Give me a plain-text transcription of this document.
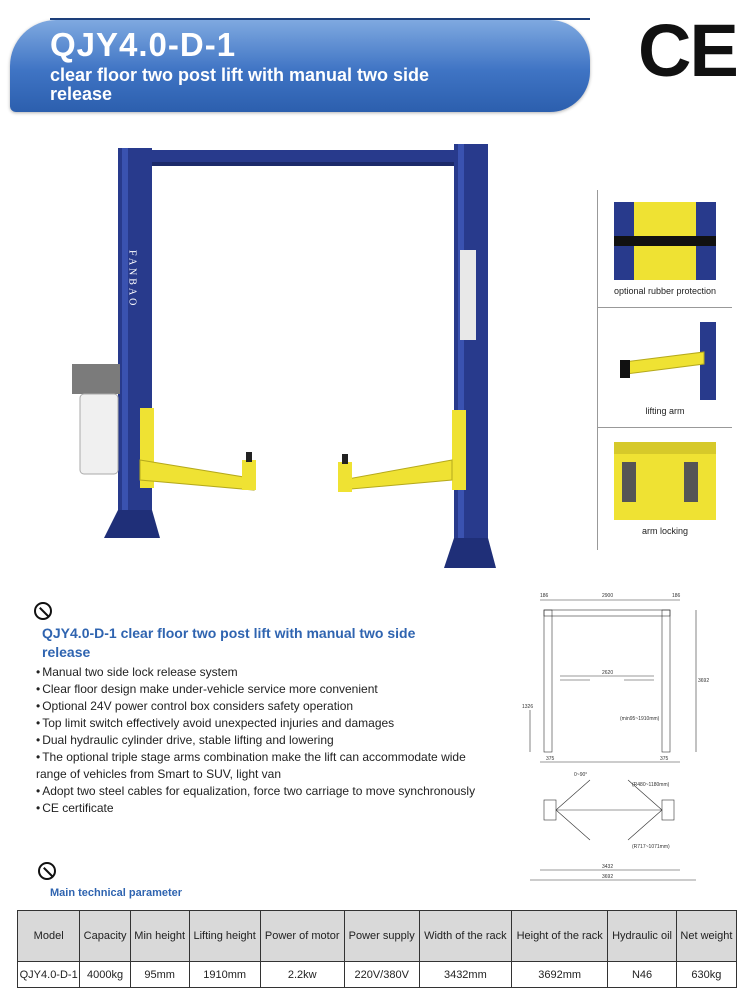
QJY4.0-D-1
clear floor two post lift with manual two side release
CE
FANBAO	optional rubber protection
lifting arm
arm locking
QJY4.0-D-1 clear floor two post lift with manual two side release
• Manual two side lock release system
• Clear floor design make under-vehicle service more convenient
• Optional 24V power control box considers safety operation
• Top limit switch effectively avoid unexpected injuries and damages
• Dual hydraulic cylinder drive, stable lifting and lowering
• The optional triple stage arms combination make the lift can accommodate wide range of vehicles from Smart to SUV, light van
• Adopt two steel cables for equalization, force two carriage to move synchronously
• CE certificate
Main technical parameter
186	2900	186
2620
3692
1326
(min95~1910mm)
375	375
0~90°
(R480~1180mm)
(R717~1071mm)
3432
3692
Model	Capacity	Min height	Lifting height	Power of motor	Power supply	Width of the rack	Height of the rack	Hydraulic oil	Net weight
QJY4.0-D-1	4000kg	95mm	1910mm	2.2kw	220V/380V	3432mm	3692mm	N46	630kg
